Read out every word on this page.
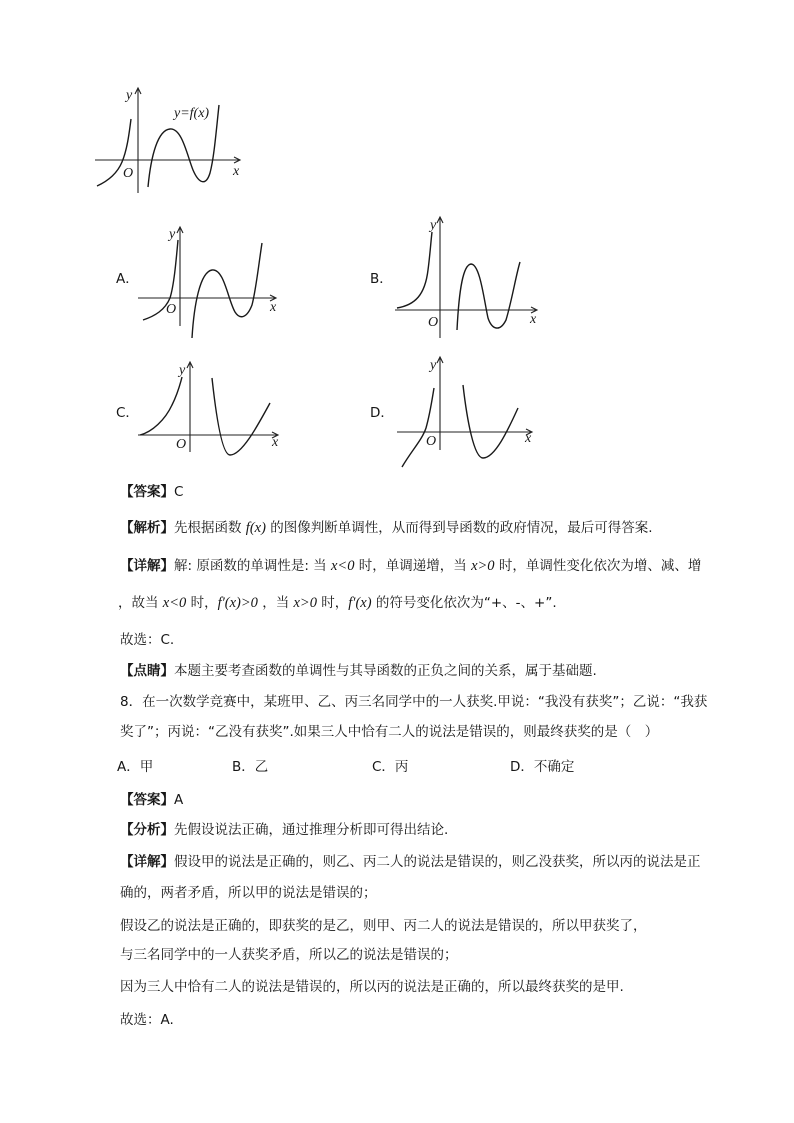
y
O	x
y=f(x)
y
O	x
y
O	x
y
O	x
y
O	x
A．	B．
C．	D．
【答案】C
【解析】先根据函数 f(x) 的图像判断单调性，从而得到导函数的政府情况，最后可得答案.
【详解】解: 原函数的单调性是: 当 x<0 时，单调递增，当 x>0 时，单调性变化依次为增、减、增
，故当 x<0 时，f′(x)>0 ，当 x>0 时，f′(x) 的符号变化依次为“+、-、+”.
故选：C.
【点睛】本题主要考查函数的单调性与其导函数的正负之间的关系，属于基础题.
8．在一次数学竞赛中，某班甲、乙、丙三名同学中的一人获奖.甲说：“我没有获奖”；乙说：“我获
奖了”；丙说：“乙没有获奖”.如果三人中恰有二人的说法是错误的，则最终获奖的是（　）
A．甲	B．乙	C．丙	D．不确定
【答案】A
【分析】先假设说法正确，通过推理分析即可得出结论.
【详解】假设甲的说法是正确的，则乙、丙二人的说法是错误的，则乙没获奖，所以丙的说法是正
确的，两者矛盾，所以甲的说法是错误的；
假设乙的说法是正确的，即获奖的是乙，则甲、丙二人的说法是错误的，所以甲获奖了，
与三名同学中的一人获奖矛盾，所以乙的说法是错误的；
因为三人中恰有二人的说法是错误的，所以丙的说法是正确的，所以最终获奖的是甲.
故选：A.
